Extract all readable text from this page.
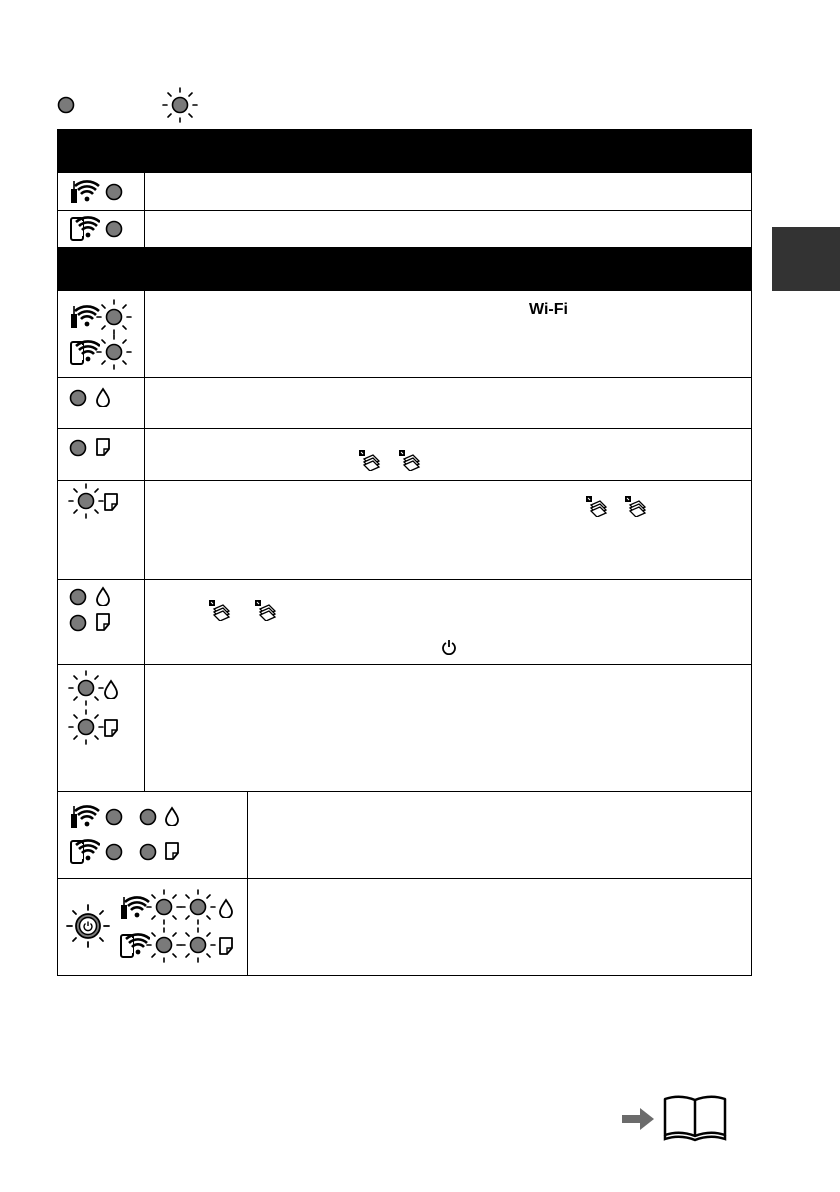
Wi-Fi
